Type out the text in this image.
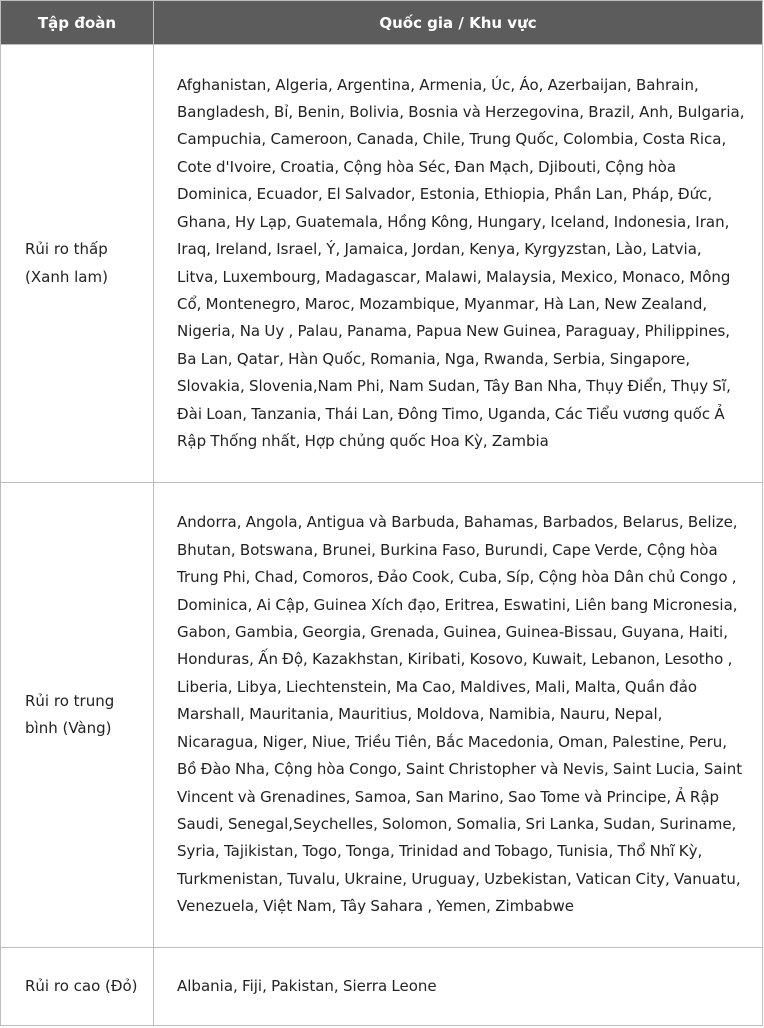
Tập đoàn	Quốc gia / Khu vực
Rủi ro thấp (Xanh lam)	Afghanistan, Algeria, Argentina, Armenia, Úc, Áo, Azerbaijan, Bahrain, Bangladesh, Bỉ, Benin, Bolivia, Bosnia và Herzegovina, Brazil, Anh, Bulgaria, Campuchia, Cameroon, Canada, Chile, Trung Quốc, Colombia, Costa Rica, Cote d'Ivoire, Croatia, Cộng hòa Séc, Đan Mạch, Djibouti, Cộng hòa Dominica, Ecuador, El Salvador, Estonia, Ethiopia, Phần Lan, Pháp, Đức, Ghana, Hy Lạp, Guatemala, Hồng Kông, Hungary, Iceland, Indonesia, Iran, Iraq, Ireland, Israel, Ý, Jamaica, Jordan, Kenya, Kyrgyzstan, Lào, Latvia, Litva, Luxembourg, Madagascar, Malawi, Malaysia, Mexico, Monaco, Mông Cổ, Montenegro, Maroc, Mozambique, Myanmar, Hà Lan, New Zealand, Nigeria, Na Uy , Palau, Panama, Papua New Guinea, Paraguay, Philippines, Ba Lan, Qatar, Hàn Quốc, Romania, Nga, Rwanda, Serbia, Singapore, Slovakia, Slovenia,Nam Phi, Nam Sudan, Tây Ban Nha, Thụy Điển, Thụy Sĩ, Đài Loan, Tanzania, Thái Lan, Đông Timo, Uganda, Các Tiểu vương quốc Ả Rập Thống nhất, Hợp chủng quốc Hoa Kỳ, Zambia
Rủi ro trung bình (Vàng)	Andorra, Angola, Antigua và Barbuda, Bahamas, Barbados, Belarus, Belize, Bhutan, Botswana, Brunei, Burkina Faso, Burundi, Cape Verde, Cộng hòa Trung Phi, Chad, Comoros, Đảo Cook, Cuba, Síp, Cộng hòa Dân chủ Congo , Dominica, Ai Cập, Guinea Xích đạo, Eritrea, Eswatini, Liên bang Micronesia, Gabon, Gambia, Georgia, Grenada, Guinea, Guinea-Bissau, Guyana, Haiti, Honduras, Ấn Độ, Kazakhstan, Kiribati, Kosovo, Kuwait, Lebanon, Lesotho , Liberia, Libya, Liechtenstein, Ma Cao, Maldives, Mali, Malta, Quần đảo Marshall, Mauritania, Mauritius, Moldova, Namibia, Nauru, Nepal, Nicaragua, Niger, Niue, Triều Tiên, Bắc Macedonia, Oman, Palestine, Peru, Bồ Đào Nha, Cộng hòa Congo, Saint Christopher và Nevis, Saint Lucia, Saint Vincent và Grenadines, Samoa, San Marino, Sao Tome và Principe, Ả Rập Saudi, Senegal,Seychelles, Solomon, Somalia, Sri Lanka, Sudan, Suriname, Syria, Tajikistan, Togo, Tonga, Trinidad and Tobago, Tunisia, Thổ Nhĩ Kỳ, Turkmenistan, Tuvalu, Ukraine, Uruguay, Uzbekistan, Vatican City, Vanuatu, Venezuela, Việt Nam, Tây Sahara , Yemen, Zimbabwe
Rủi ro cao (Đỏ)	Albania, Fiji, Pakistan, Sierra Leone
